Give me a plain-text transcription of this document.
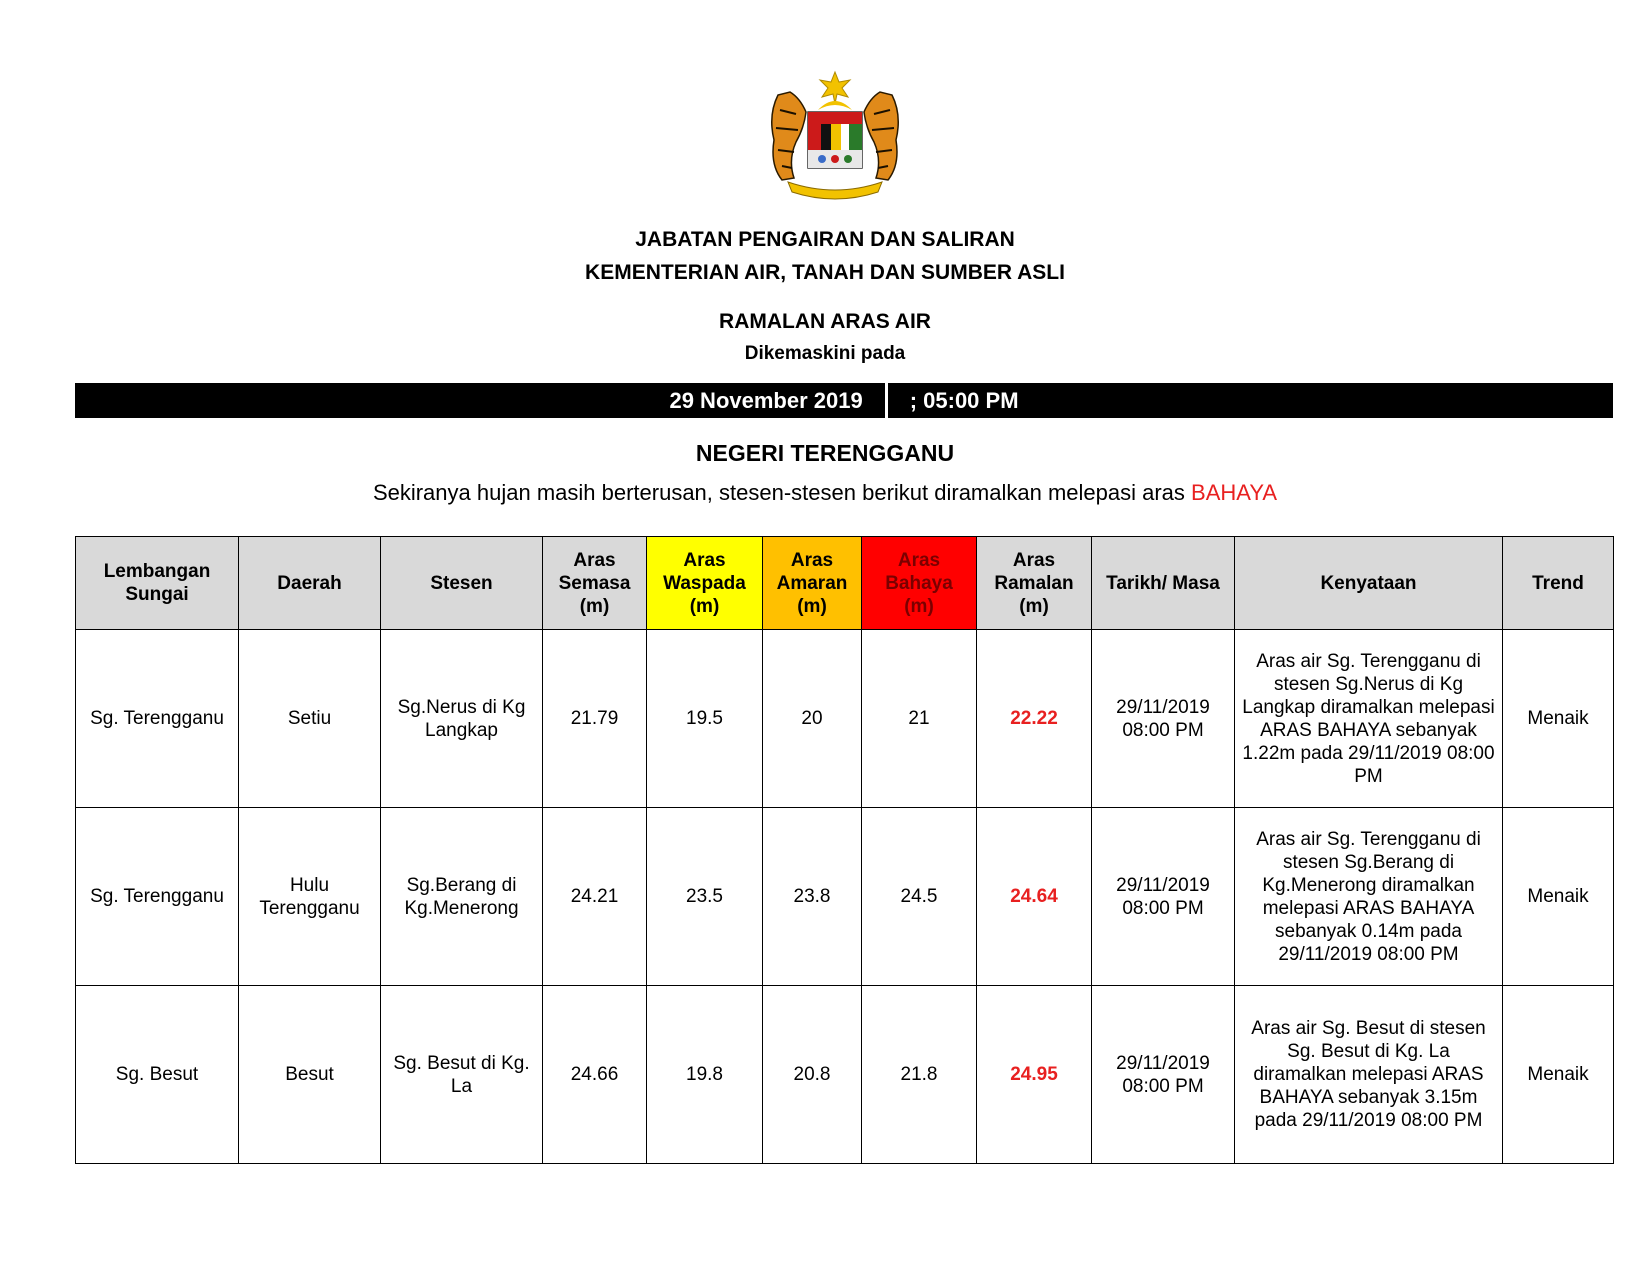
JABATAN PENGAIRAN DAN SALIRAN
KEMENTERIAN AIR, TANAH DAN SUMBER ASLI
RAMALAN ARAS AIR
Dikemaskini pada
29 November 2019 ; 05:00 PM
NEGERI TERENGGANU
Sekiranya hujan masih berterusan, stesen-stesen berikut diramalkan melepasi aras BAHAYA
Lembangan Sungai	Daerah	Stesen	Aras Semasa (m)	Aras Waspada (m)	Aras Amaran (m)	Aras Bahaya (m)	Aras Ramalan (m)	Tarikh/ Masa	Kenyataan	Trend
Sg. Terengganu	Setiu	Sg.Nerus di Kg Langkap	21.79	19.5	20	21	22.22	29/11/2019 08:00 PM	Aras air Sg. Terengganu di stesen Sg.Nerus di Kg Langkap diramalkan melepasi ARAS BAHAYA sebanyak 1.22m pada 29/11/2019 08:00 PM	Menaik
Sg. Terengganu	Hulu Terengganu	Sg.Berang di Kg.Menerong	24.21	23.5	23.8	24.5	24.64	29/11/2019 08:00 PM	Aras air Sg. Terengganu di stesen Sg.Berang di Kg.Menerong diramalkan melepasi ARAS BAHAYA sebanyak 0.14m pada 29/11/2019 08:00 PM	Menaik
Sg. Besut	Besut	Sg. Besut di Kg. La	24.66	19.8	20.8	21.8	24.95	29/11/2019 08:00 PM	Aras air Sg. Besut di stesen Sg. Besut di Kg. La diramalkan melepasi ARAS BAHAYA sebanyak 3.15m pada 29/11/2019 08:00 PM	Menaik
